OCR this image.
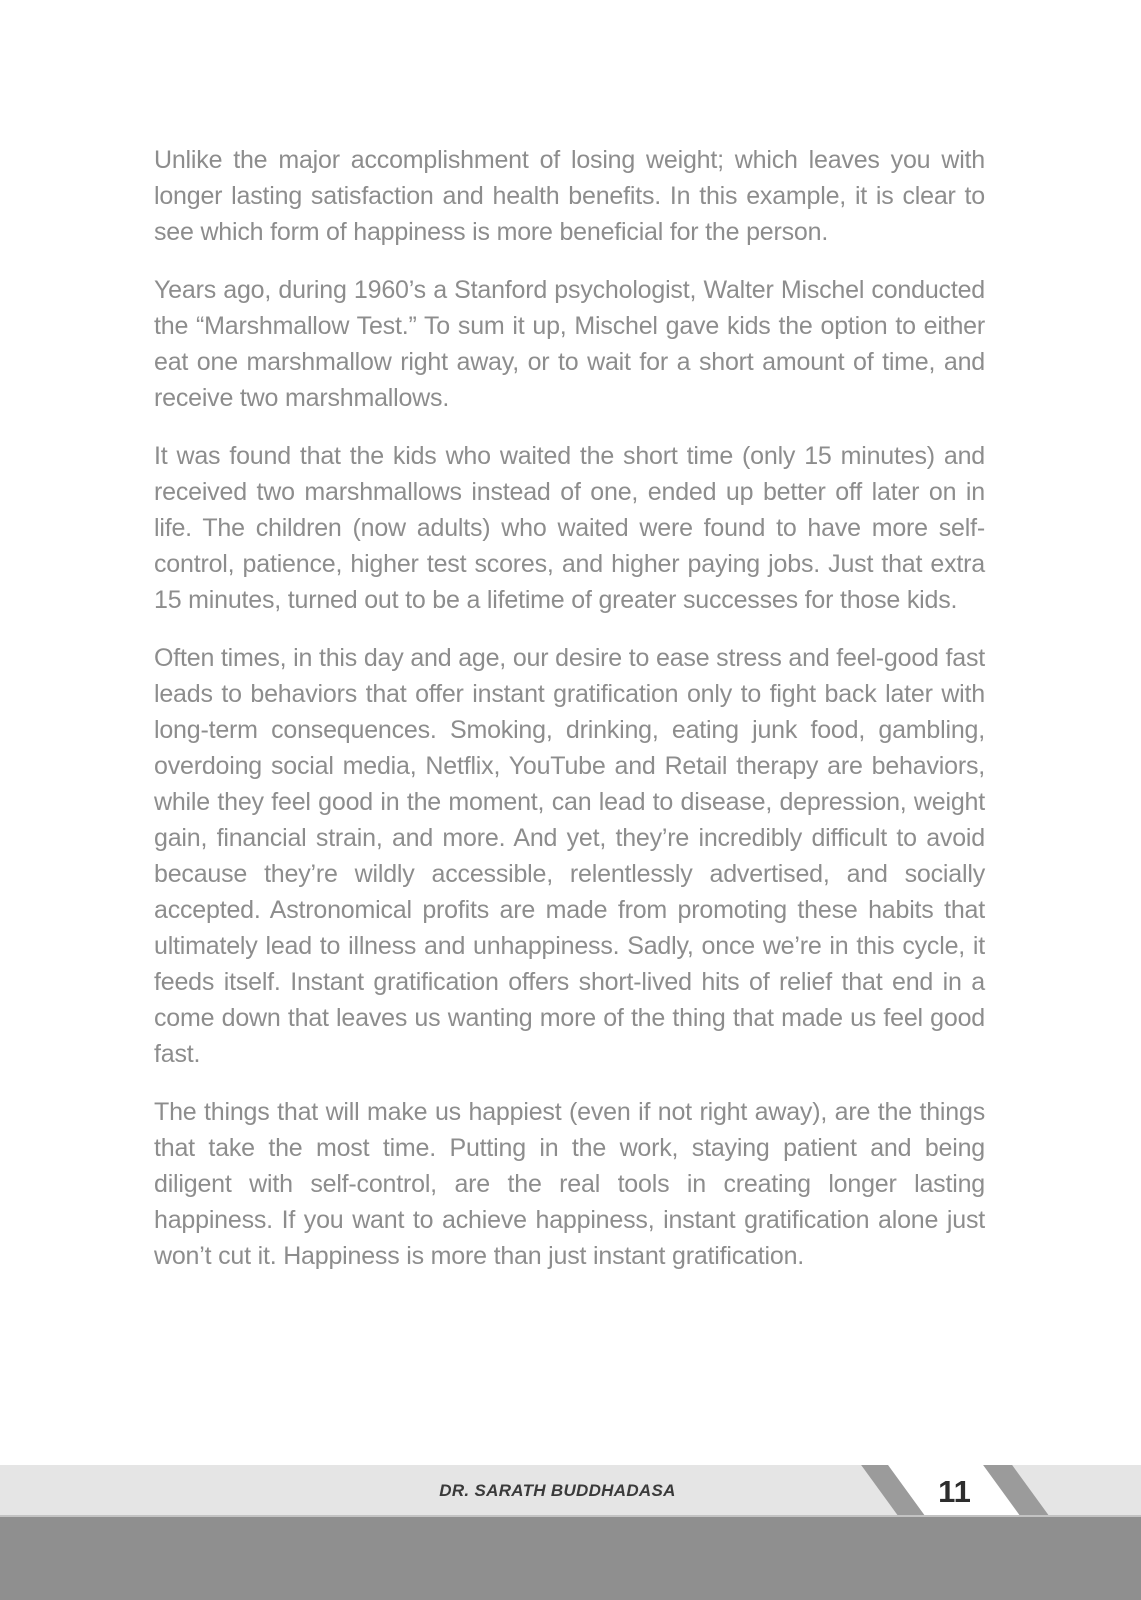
Unlike the major accomplishment of losing weight; which leaves you with longer lasting satisfaction and health benefits. In this example, it is clear to see which form of happiness is more beneficial for the person.

Years ago, during 1960’s a Stanford psychologist, Walter Mischel conducted the “Marshmallow Test.” To sum it up, Mischel gave kids the option to either eat one marshmallow right away, or to wait for a short amount of time, and receive two marshmallows.

It was found that the kids who waited the short time (only 15 minutes) and received two marshmallows instead of one, ended up better off later on in life. The children (now adults) who waited were found to have more self-control, patience, higher test scores, and higher paying jobs. Just that extra 15 minutes, turned out to be a lifetime of greater successes for those kids.

Often times, in this day and age, our desire to ease stress and feel-good fast leads to behaviors that offer instant gratification only to fight back later with long-term consequences. Smoking, drinking, eating junk food, gambling, overdoing social media, Netflix, YouTube and Retail therapy are behaviors, while they feel good in the moment, can lead to disease, depression, weight gain, financial strain, and more. And yet, they’re incredibly difficult to avoid because they’re wildly accessible, relentlessly advertised, and socially accepted. Astronomical profits are made from promoting these habits that ultimately lead to illness and unhappiness. Sadly, once we’re in this cycle, it feeds itself. Instant gratification offers short-lived hits of relief that end in a come down that leaves us wanting more of the thing that made us feel good fast.

The things that will make us happiest (even if not right away), are the things that take the most time. Putting in the work, staying patient and being diligent with self-control, are the real tools in creating longer lasting happiness. If you want to achieve happiness, instant gratification alone just won’t cut it. Happiness is more than just instant gratification.

DR. SARATH BUDDHADASA	11
